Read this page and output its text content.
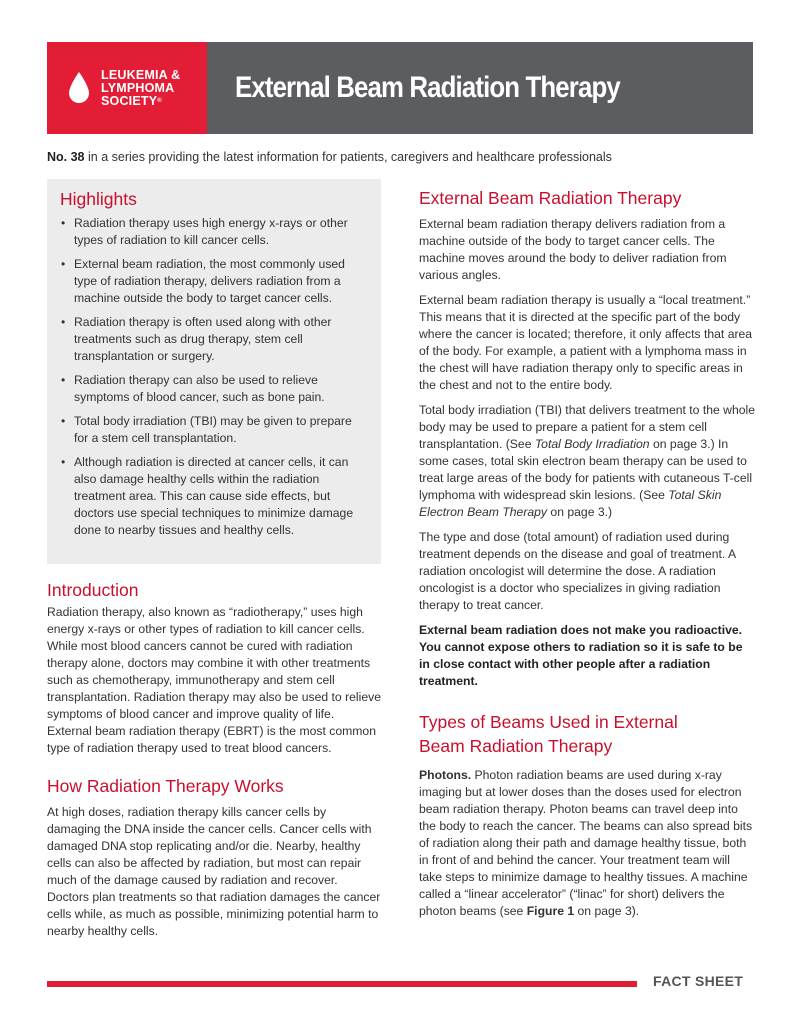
LEUKEMIA &
LYMPHOMA
SOCIETY®	External Beam Radiation Therapy
No. 38 in a series providing the latest information for patients, caregivers and healthcare professionals
Highlights
• Radiation therapy uses high energy x-rays or other types of radiation to kill cancer cells.
• External beam radiation, the most commonly used type of radiation therapy, delivers radiation from a machine outside the body to target cancer cells.
• Radiation therapy is often used along with other treatments such as drug therapy, stem cell transplantation or surgery.
• Radiation therapy can also be used to relieve symptoms of blood cancer, such as bone pain.
• Total body irradiation (TBI) may be given to prepare for a stem cell transplantation.
• Although radiation is directed at cancer cells, it can also damage healthy cells within the radiation treatment area. This can cause side effects, but doctors use special techniques to minimize damage done to nearby tissues and healthy cells.
Introduction

Radiation therapy, also known as “radiotherapy,” uses high energy x-rays or other types of radiation to kill cancer cells. While most blood cancers cannot be cured with radiation therapy alone, doctors may combine it with other treatments such as chemotherapy, immunotherapy and stem cell transplantation. Radiation therapy may also be used to relieve symptoms of blood cancer and improve quality of life. External beam radiation therapy (EBRT) is the most common type of radiation therapy used to treat blood cancers.

How Radiation Therapy Works

At high doses, radiation therapy kills cancer cells by damaging the DNA inside the cancer cells. Cancer cells with damaged DNA stop replicating and/or die. Nearby, healthy cells can also be affected by radiation, but most can repair much of the damage caused by radiation and recover. Doctors plan treatments so that radiation damages the cancer cells while, as much as possible, minimizing potential harm to nearby healthy cells.

External Beam Radiation Therapy

External beam radiation therapy delivers radiation from a machine outside of the body to target cancer cells. The machine moves around the body to deliver radiation from various angles.

External beam radiation therapy is usually a “local treatment.” This means that it is directed at the specific part of the body where the cancer is located; therefore, it only affects that area of the body. For example, a patient with a lymphoma mass in the chest will have radiation therapy only to specific areas in the chest and not to the entire body.

Total body irradiation (TBI) that delivers treatment to the whole body may be used to prepare a patient for a stem cell transplantation. (See Total Body Irradiation on page 3.) In some cases, total skin electron beam therapy can be used to treat large areas of the body for patients with cutaneous T-cell lymphoma with widespread skin lesions. (See Total Skin Electron Beam Therapy on page 3.)

The type and dose (total amount) of radiation used during treatment depends on the disease and goal of treatment. A radiation oncologist will determine the dose. A radiation oncologist is a doctor who specializes in giving radiation therapy to treat cancer.

External beam radiation does not make you radioactive. You cannot expose others to radiation so it is safe to be in close contact with other people after a radiation treatment.

Types of Beams Used in External
Beam Radiation Therapy

Photons. Photon radiation beams are used during x-ray imaging but at lower doses than the doses used for electron beam radiation therapy. Photon beams can travel deep into the body to reach the cancer. The beams can also spread bits of radiation along their path and damage healthy tissue, both in front of and behind the cancer. Your treatment team will take steps to minimize damage to healthy tissues. A machine called a “linear accelerator” (“linac” for short) delivers the photon beams (see Figure 1 on page 3).

FACT SHEET
